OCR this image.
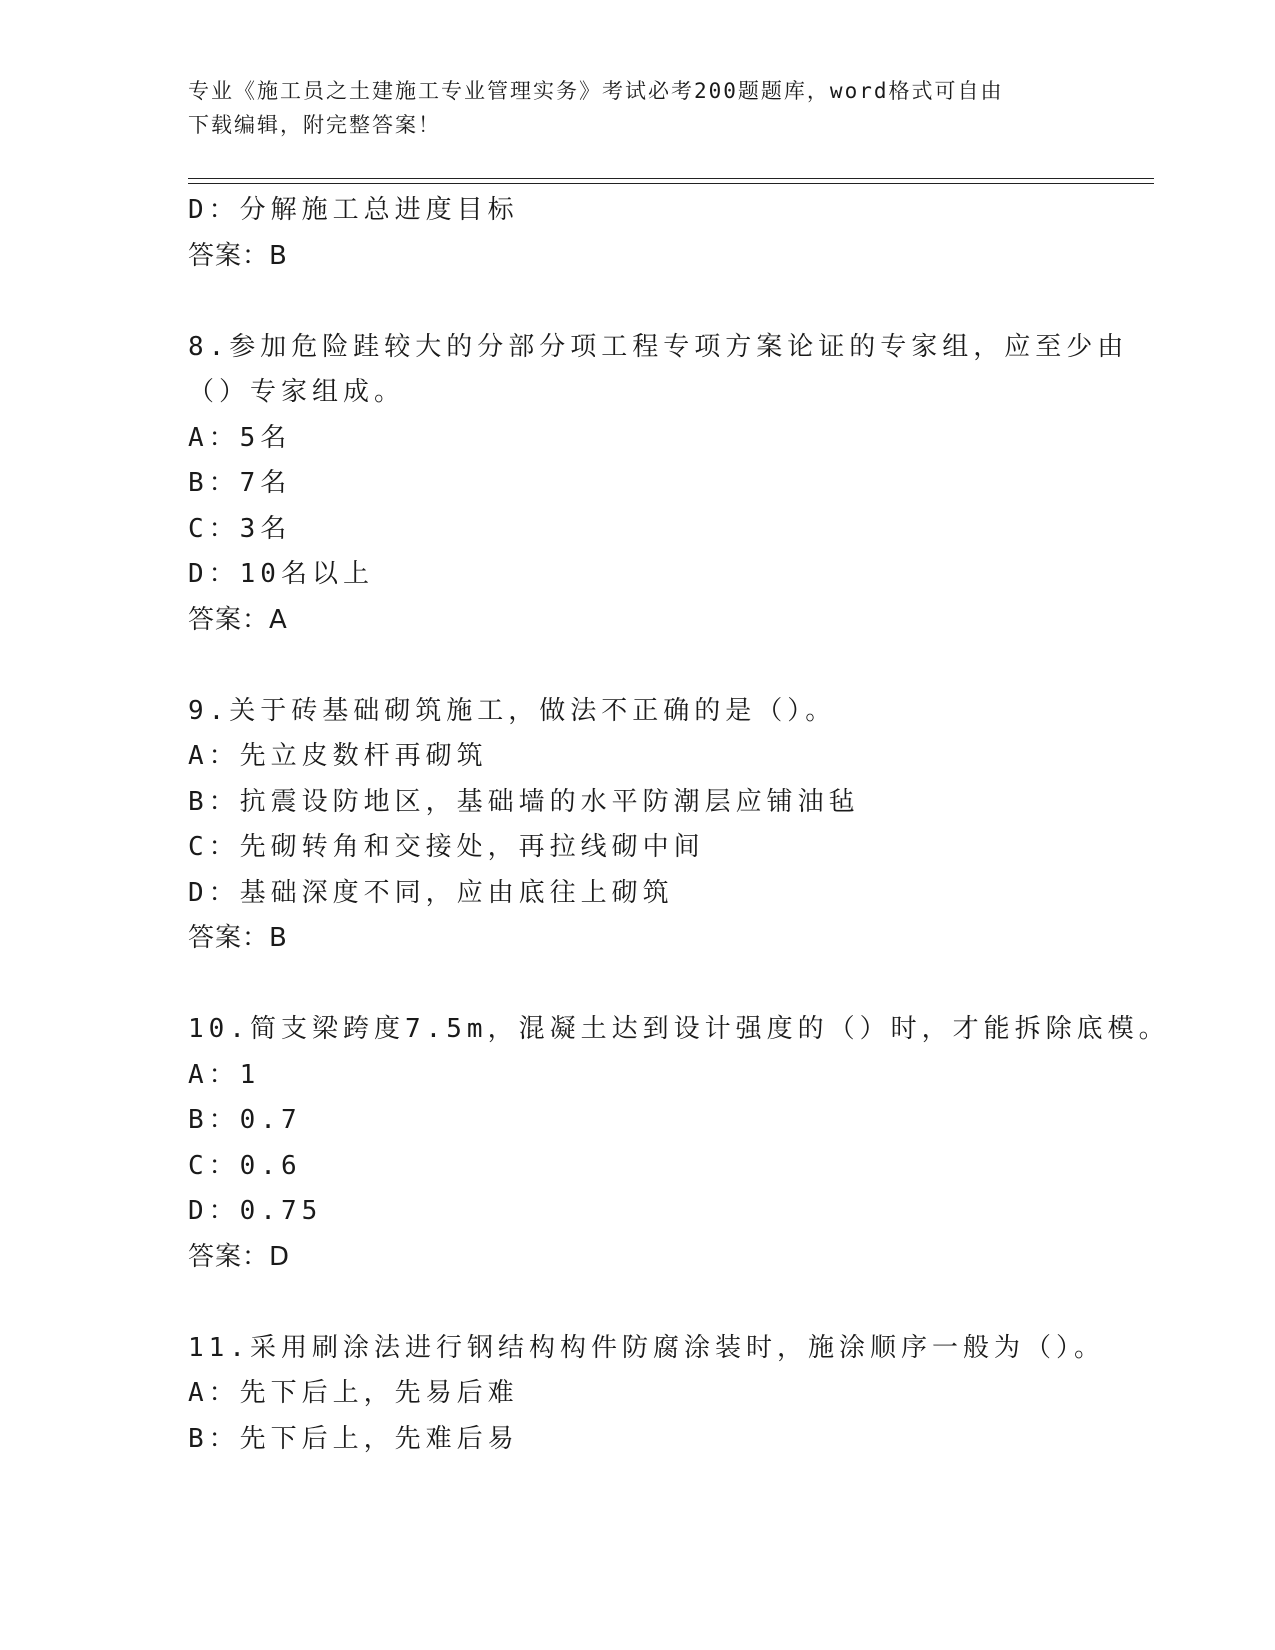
专业《施工员之土建施工专业管理实务》考试必考200题题库，word格式可自由
下载编辑，附完整答案！
D：分解施工总进度目标
答案：B
8.参加危险跬较大的分部分项工程专项方案论证的专家组，应至少由
（）专家组成。
A：5名
B：7名
C：3名
D：10名以上
答案：A
9.关于砖基础砌筑施工，做法不正确的是（）。
A：先立皮数杆再砌筑
B：抗震设防地区，基础墙的水平防潮层应铺油毡
C：先砌转角和交接处，再拉线砌中间
D：基础深度不同，应由底往上砌筑
答案：B
10.简支梁跨度7.5m，混凝土达到设计强度的（）时，才能拆除底模。
A：1
B：0.7
C：0.6
D：0.75
答案：D
11.采用刷涂法进行钢结构构件防腐涂装时，施涂顺序一般为（）。
A：先下后上，先易后难
B：先下后上，先难后易
